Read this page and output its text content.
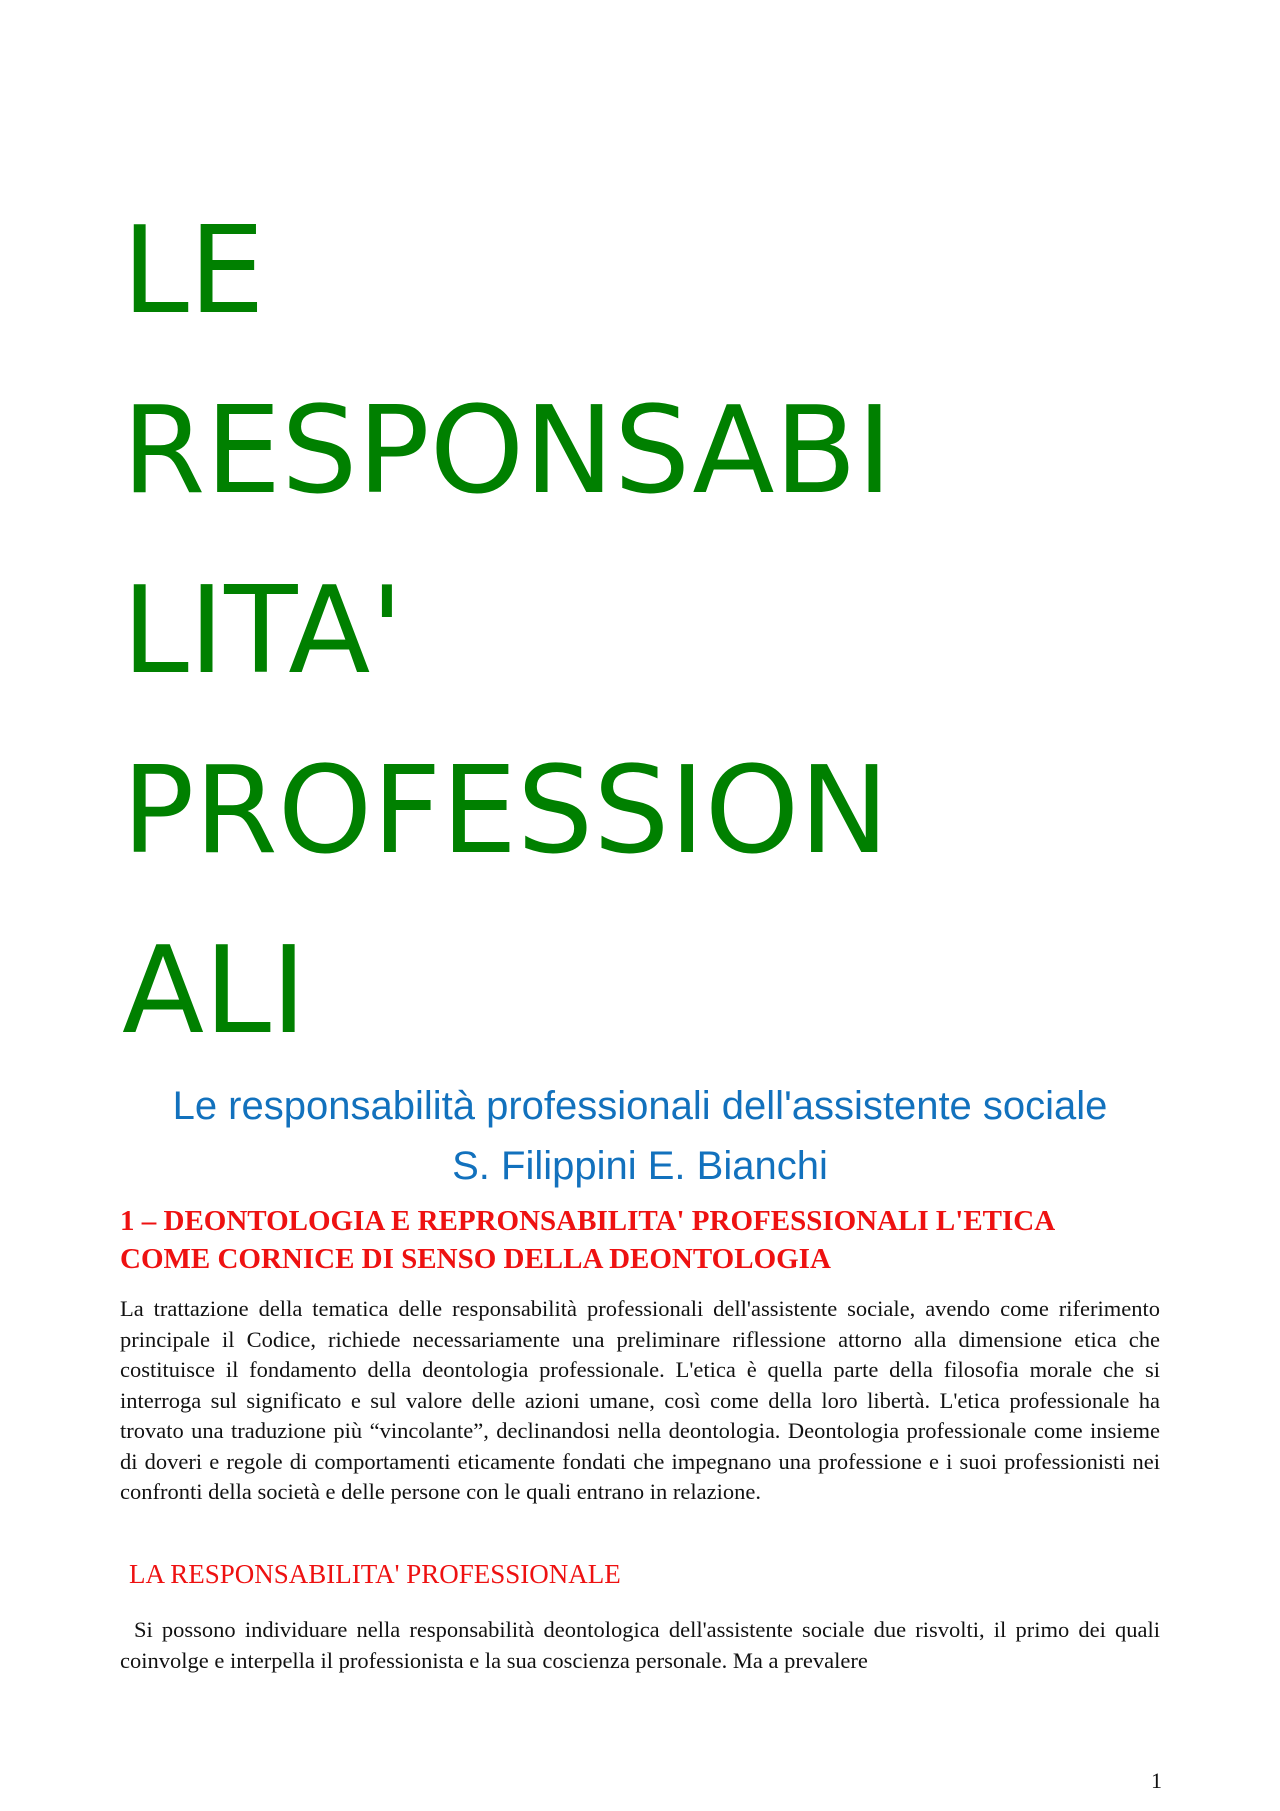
LE
RESPONSABI
LITA'
PROFESSION
ALI

Le responsabilità professionali dell'assistente sociale

S. Filippini E. Bianchi

1 – DEONTOLOGIA E REPRONSABILITA' PROFESSIONALI L'ETICA
COME CORNICE DI SENSO DELLA DEONTOLOGIA

La trattazione della tematica delle responsabilità professionali dell'assistente sociale, avendo come riferimento principale il Codice, richiede necessariamente una preliminare riflessione attorno alla dimensione etica che costituisce il fondamento della deontologia professionale. L'etica è quella parte della filosofia morale che si interroga sul significato e sul valore delle azioni umane, così come della loro libertà. L'etica professionale ha trovato una traduzione più “vincolante”, declinandosi nella deontologia. Deontologia professionale come insieme di doveri e regole di comportamenti eticamente fondati che impegnano una professione e i suoi professionisti nei confronti della società e delle persone con le quali entrano in relazione.

LA RESPONSABILITA' PROFESSIONALE

Si possono individuare nella responsabilità deontologica dell'assistente sociale due risvolti, il primo dei quali coinvolge e interpella il professionista e la sua coscienza personale. Ma a prevalere

1
